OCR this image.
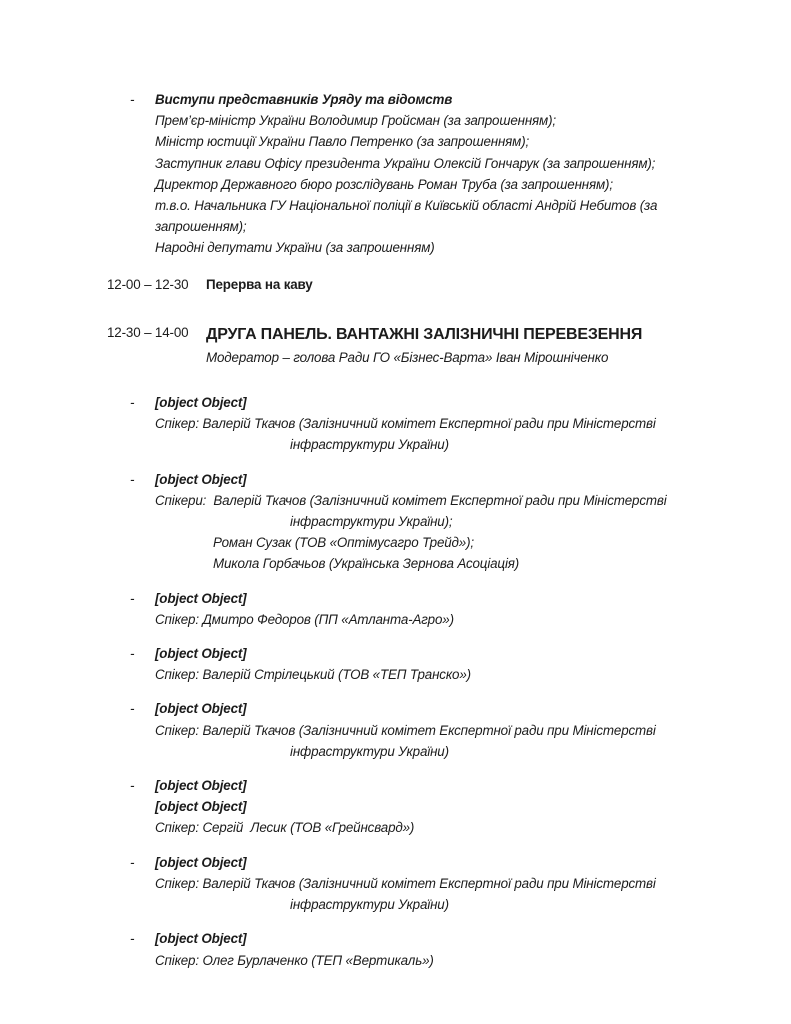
-	Виступи представників Уряду та відомств
Прем’єр-міністр України Володимир Гройсман (за запрошенням);
Міністр юстиції України Павло Петренко (за запрошенням);
Заступник глави Офісу президента України Олексій Гончарук (за запрошенням);
Директор Державного бюро розслідувань Роман Труба (за запрошенням);
т.в.о. Начальника ГУ Національної поліції в Київській області Андрій Небитов (за
запрошенням);
Народні депутати України (за запрошенням)
12-00 – 12-30	Перерва на каву
12-30 – 14-00	ДРУГА ПАНЕЛЬ. ВАНТАЖНІ ЗАЛІЗНИЧНІ ПЕРЕВЕЗЕННЯ
Модератор – голова Ради ГО «Бізнес-Варта» Іван Мірошніченко
-	[object Object]
Спікер: Валерій Ткачов (Залізничний комітет Експертної ради при Міністерстві
інфраструктури України)
-	[object Object]
Спікери:  Валерій Ткачов (Залізничний комітет Експертної ради при Міністерстві
інфраструктури України);
Роман Сузак (ТОВ «Оптімусагро Трейд»);
Микола Горбачьов (Українська Зернова Асоціація)
-	[object Object]
Спікер: Дмитро Федоров (ПП «Атланта-Агро»)
-	[object Object]
Спікер: Валерій Стрілецький (ТОВ «ТЕП Транско»)
-	[object Object]
Спікер: Валерій Ткачов (Залізничний комітет Експертної ради при Міністерстві
інфраструктури України)
-	[object Object]
[object Object]
Спікер: Сергій  Лесик (ТОВ «Грейнсвард»)
-	[object Object]
Спікер: Валерій Ткачов (Залізничний комітет Експертної ради при Міністерстві
інфраструктури України)
-	[object Object]
Спікер: Олег Бурлаченко (ТЕП «Вертикаль»)
